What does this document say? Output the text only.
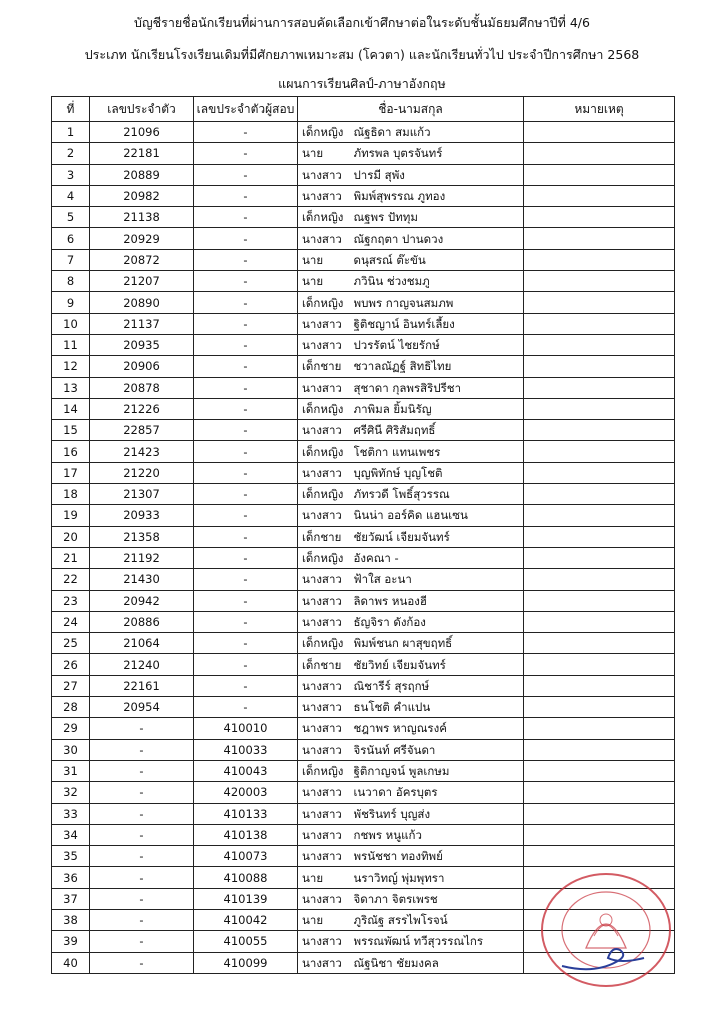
บัญชีรายชื่อนักเรียนที่ผ่านการสอบคัดเลือกเข้าศึกษาต่อในระดับชั้นมัธยมศึกษาปีที่ 4/6
ประเภท นักเรียนโรงเรียนเดิมที่มีศักยภาพเหมาะสม (โควตา) และนักเรียนทั่วไป ประจำปีการศึกษา 2568
แผนการเรียนศิลป์-ภาษาอังกฤษ
ที่	เลขประจำตัว	เลขประจำตัวผู้สอบ	ชื่อ-นามสกุล		หมายเหตุ
1	21096	-	เด็กหญิง	ณัฐธิดา สมแก้ว	
2	22181	-	นาย	ภัทรพล บุตรจันทร์	
3	20889	-	นางสาว	ปารมี สุพัง	
4	20982	-	นางสาว	พิมพ์สุพรรณ ภูทอง	
5	21138	-	เด็กหญิง	ณฐพร ปัททุม	
6	20929	-	นางสาว	ณัฐกฤตา ปานดวง	
7	20872	-	นาย	ดนุสรณ์ ต๊ะขัน	
8	21207	-	นาย	ภวินิน ช่วงชมภู	
9	20890	-	เด็กหญิง	พบพร กาญจนสมภพ	
10	21137	-	นางสาว	ฐิติชญาน์ อินทร์เลี้ยง	
11	20935	-	นางสาว	ปวรรัตน์ ไชยรักษ์	
12	20906	-	เด็กชาย	ชวาลณัฏฐ์ สิทธิไทย	
13	20878	-	นางสาว	สุชาดา กุลพรสิริปรีชา	
14	21226	-	เด็กหญิง	ภาพิมล ยิ้มนิรัญ	
15	22857	-	นางสาว	ศรีศินี ศิริสัมฤทธิ์	
16	21423	-	เด็กหญิง	โชติกา แทนเพชร	
17	21220	-	นางสาว	บุญพิทักษ์ บุญโชติ	
18	21307	-	เด็กหญิง	ภัทรวดี โพธิ์สุวรรณ	
19	20933	-	นางสาว	นินน่า ออร์คิด แฮนเซน	
20	21358	-	เด็กชาย	ชัยวัฒน์ เจียมจันทร์	
21	21192	-	เด็กหญิง	อังคณา -	
22	21430	-	นางสาว	ฟ้าใส อะนา	
23	20942	-	นางสาว	ลิดาพร หนองฮี	
24	20886	-	นางสาว	ธัญจิรา ดังก้อง	
25	21064	-	เด็กหญิง	พิมพ์ชนก ผาสุขฤทธิ์	
26	21240	-	เด็กชาย	ชัยวิทย์ เจียมจันทร์	
27	22161	-	นางสาว	ณิชารีร์ สุรฤกษ์	
28	20954	-	นางสาว	ธนโชติ คำแปน	
29	-	410010	นางสาว	ชฎาพร หาญณรงค์	
30	-	410033	นางสาว	จิรนันท์ ศรีจันดา	
31	-	410043	เด็กหญิง	ฐิติกาญจน์ พูลเกษม	
32	-	420003	นางสาว	เนวาดา อัครบุตร	
33	-	410133	นางสาว	พัชรินทร์ บุญส่ง	
34	-	410138	นางสาว	กชพร หนูแก้ว	
35	-	410073	นางสาว	พรนัชชา ทองทิพย์	
36	-	410088	นาย	นราวิทญ์ พุ่มพุทรา	
37	-	410139	นางสาว	จิดาภา จิตรเพรช	
38	-	410042	นาย	ภูริณัฐ สรรไพโรจน์	
39	-	410055	นางสาว	พรรณพัฒน์ ทวีสุวรรณไกร	
40	-	410099	นางสาว	ณัฐนิชา ชัยมงคล	
